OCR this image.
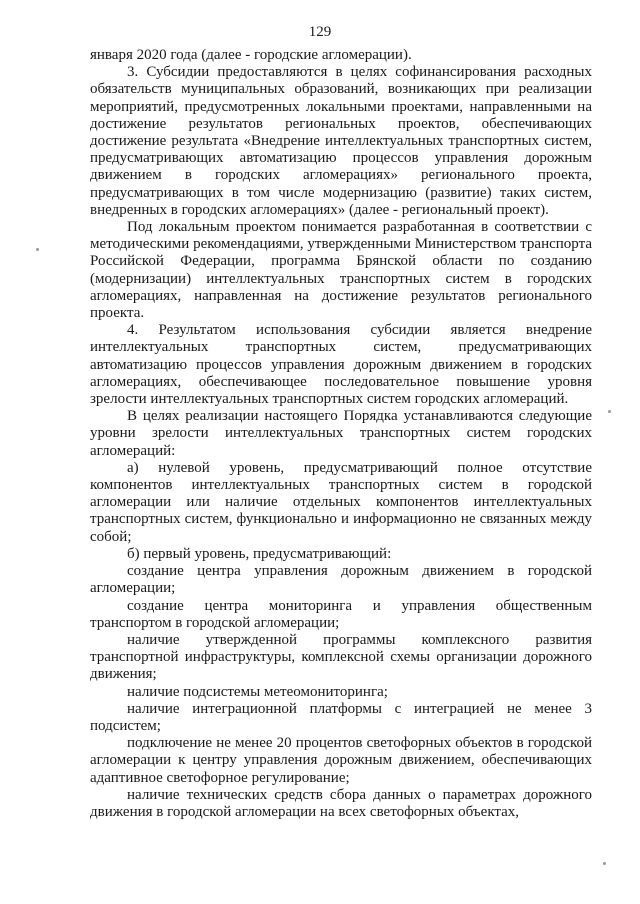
129

января 2020 года (далее - городские агломерации).

3. Субсидии предоставляются в целях софинансирования расходных обязательств муниципальных образований, возникающих при реализации мероприятий, предусмотренных локальными проектами, направленными на достижение результатов региональных проектов, обеспечивающих достижение результата «Внедрение интеллектуальных транспортных систем, предусматривающих автоматизацию процессов управления дорожным движением в городских агломерациях» регионального проекта, предусматривающих в том числе модернизацию (развитие) таких систем, внедренных в городских агломерациях» (далее - региональный проект).

Под локальным проектом понимается разработанная в соответствии с методическими рекомендациями, утвержденными Министерством транспорта Российской Федерации, программа Брянской области по созданию (модернизации) интеллектуальных транспортных систем в городских агломерациях, направленная на достижение результатов регионального проекта.

4. Результатом использования субсидии является внедрение интеллектуальных транспортных систем, предусматривающих автоматизацию процессов управления дорожным движением в городских агломерациях, обеспечивающее последовательное повышение уровня зрелости интеллектуальных транспортных систем городских агломераций.

В целях реализации настоящего Порядка устанавливаются следующие уровни зрелости интеллектуальных транспортных систем городских агломераций:

а) нулевой уровень, предусматривающий полное отсутствие компонентов интеллектуальных транспортных систем в городской агломерации или наличие отдельных компонентов интеллектуальных транспортных систем, функционально и информационно не связанных между собой;

б) первый уровень, предусматривающий:

создание центра управления дорожным движением в городской агломерации;

создание центра мониторинга и управления общественным транспортом в городской агломерации;

наличие утвержденной программы комплексного развития транспортной инфраструктуры, комплексной схемы организации дорожного движения;

наличие подсистемы метеомониторинга;

наличие интеграционной платформы с интеграцией не менее 3 подсистем;

подключение не менее 20 процентов светофорных объектов в городской агломерации к центру управления дорожным движением, обеспечивающих адаптивное светофорное регулирование;

наличие технических средств сбора данных о параметрах дорожного движения в городской агломерации на всех светофорных объектах,
